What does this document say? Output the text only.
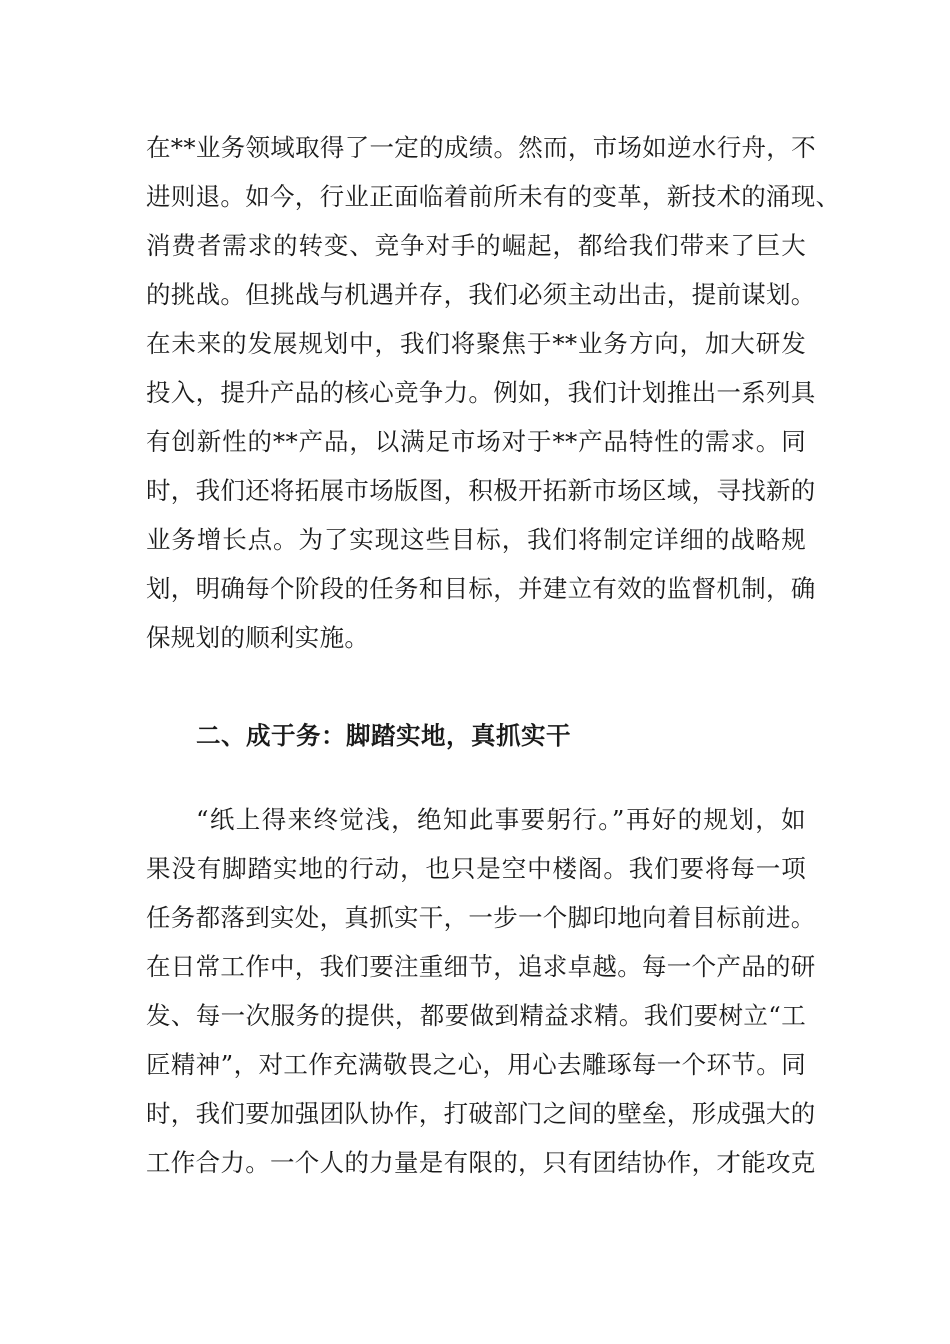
在**业务领域取得了一定的成绩。然而，市场如逆水行舟，不
进则退。如今，行业正面临着前所未有的变革，新技术的涌现、
消费者需求的转变、竞争对手的崛起，都给我们带来了巨大
的挑战。但挑战与机遇并存，我们必须主动出击，提前谋划。
在未来的发展规划中，我们将聚焦于**业务方向，加大研发
投入，提升产品的核心竞争力。例如，我们计划推出一系列具
有创新性的**产品，以满足市场对于**产品特性的需求。同
时，我们还将拓展市场版图，积极开拓新市场区域，寻找新的
业务增长点。为了实现这些目标，我们将制定详细的战略规
划，明确每个阶段的任务和目标，并建立有效的监督机制，确
保规划的顺利实施。
二、成于务：脚踏实地，真抓实干
“纸上得来终觉浅，绝知此事要躬行。”再好的规划，如
果没有脚踏实地的行动，也只是空中楼阁。我们要将每一项
任务都落到实处，真抓实干，一步一个脚印地向着目标前进。
在日常工作中，我们要注重细节，追求卓越。每一个产品的研
发、每一次服务的提供，都要做到精益求精。我们要树立“工
匠精神”，对工作充满敬畏之心，用心去雕琢每一个环节。同
时，我们要加强团队协作，打破部门之间的壁垒，形成强大的
工作合力。一个人的力量是有限的，只有团结协作，才能攻克
